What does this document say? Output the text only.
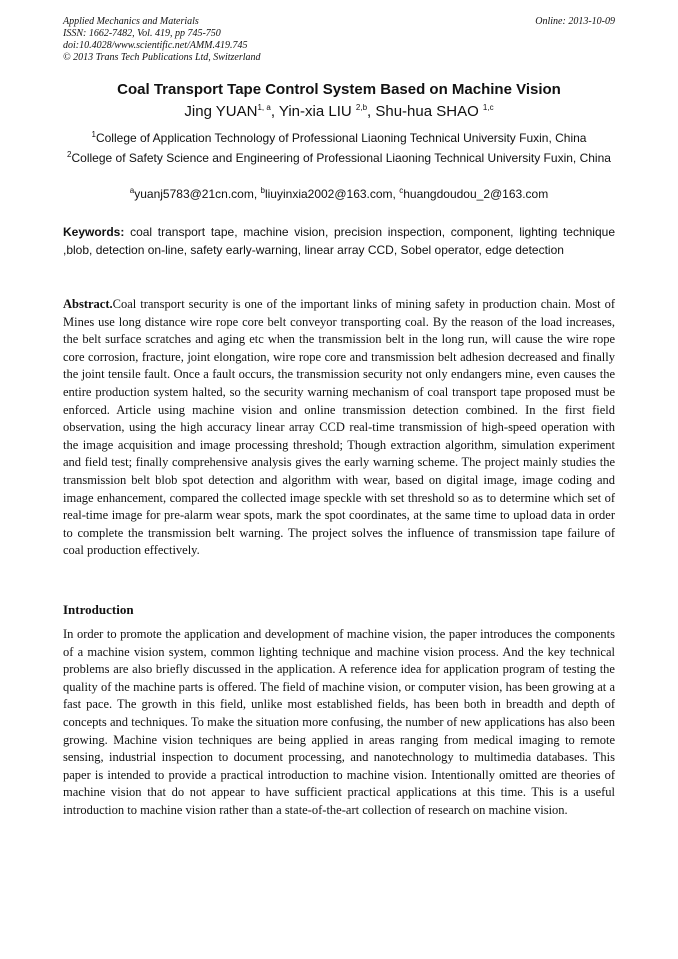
Applied Mechanics and Materials
ISSN: 1662-7482, Vol. 419, pp 745-750
doi:10.4028/www.scientific.net/AMM.419.745
© 2013 Trans Tech Publications Ltd, Switzerland
Online: 2013-10-09
Coal Transport Tape Control System Based on Machine Vision
Jing YUAN$^{1, a}$, Yin-xia LIU $^{2,b}$, Shu-hua SHAO $^{1,c}$
$^1$College of Application Technology of Professional Liaoning Technical University Fuxin, China
$^2$College of Safety Science and Engineering of Professional Liaoning Technical University Fuxin, China
$^a$yuanj5783@21cn.com, $^b$liuyinxia2002@163.com, $^c$huangdoudou_2@163.com
Keywords: coal transport tape, machine vision, precision inspection, component, lighting technique ,blob, detection on-line, safety early-warning, linear array CCD, Sobel operator, edge detection
Abstract.Coal transport security is one of the important links of mining safety in production chain. Most of Mines use long distance wire rope core belt conveyor transporting coal. By the reason of the load increases, the belt surface scratches and aging etc when the transmission belt in the long run, will cause the wire rope core corrosion, fracture, joint elongation, wire rope core and transmission belt adhesion decreased and finally the joint tensile fault. Once a fault occurs, the transmission security not only endangers mine, even causes the entire production system halted, so the security warning mechanism of coal transport tape proposed must be enforced. Article using machine vision and online transmission detection combined. In the first field observation, using the high accuracy linear array CCD real-time transmission of high-speed operation with the image acquisition and image processing threshold; Though extraction algorithm, simulation experiment and field test; finally comprehensive analysis gives the early warning scheme. The project mainly studies the transmission belt blob spot detection and algorithm with wear, based on digital image, image coding and image enhancement, compared the collected image speckle with set threshold so as to determine which set of real-time image for pre-alarm wear spots, mark the spot coordinates, at the same time to upload data in order to complete the transmission belt warning. The project solves the influence of transmission tape failure of coal production effectively.
Introduction
In order to promote the application and development of machine vision, the paper introduces the components of a machine vision system, common lighting technique and machine vision process. And the key technical problems are also briefly discussed in the application. A reference idea for application program of testing the quality of the machine parts is offered. The field of machine vision, or computer vision, has been growing at a fast pace. The growth in this field, unlike most established fields, has been both in breadth and depth of concepts and techniques. To make the situation more confusing, the number of new applications has also been growing. Machine vision techniques are being applied in areas ranging from medical imaging to remote sensing, industrial inspection to document processing, and nanotechnology to multimedia databases. This paper is intended to provide a practical introduction to machine vision. Intentionally omitted are theories of machine vision that do not appear to have sufficient practical applications at this time. This is a useful introduction to machine vision rather than a state-of-the-art collection of research on machine vision.
